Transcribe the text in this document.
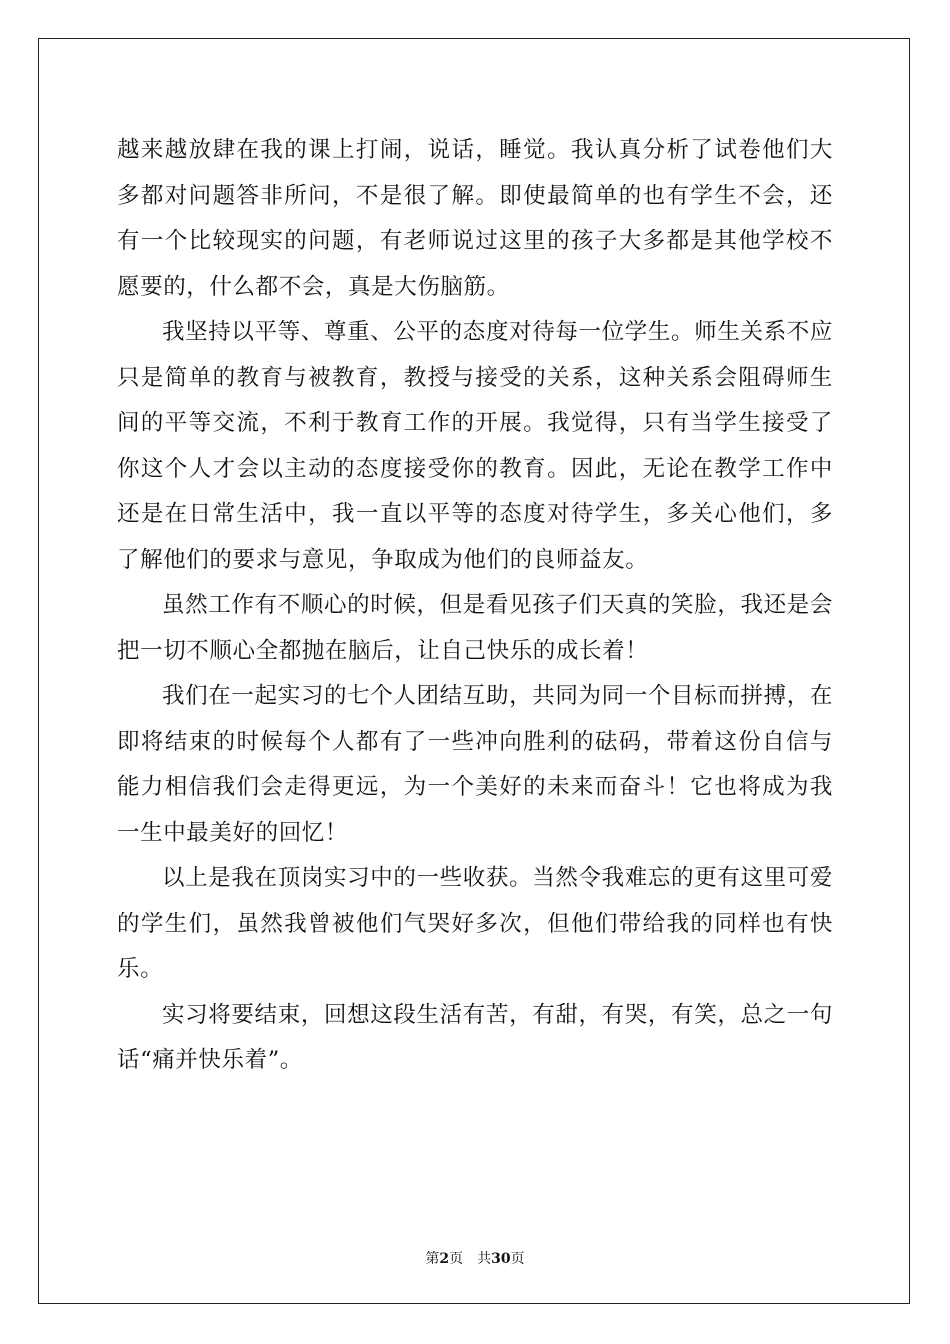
越来越放肆在我的课上打闹，说话，睡觉。我认真分析了试卷他们大多都对问题答非所问，不是很了解。即使最简单的也有学生不会，还有一个比较现实的问题，有老师说过这里的孩子大多都是其他学校不愿要的，什么都不会，真是大伤脑筋。

我坚持以平等、尊重、公平的态度对待每一位学生。师生关系不应只是简单的教育与被教育，教授与接受的关系，这种关系会阻碍师生间的平等交流，不利于教育工作的开展。我觉得，只有当学生接受了你这个人才会以主动的态度接受你的教育。因此，无论在教学工作中还是在日常生活中，我一直以平等的态度对待学生，多关心他们，多了解他们的要求与意见，争取成为他们的良师益友。

虽然工作有不顺心的时候，但是看见孩子们天真的笑脸，我还是会把一切不顺心全都抛在脑后，让自己快乐的成长着！

我们在一起实习的七个人团结互助，共同为同一个目标而拼搏，在即将结束的时候每个人都有了一些冲向胜利的砝码，带着这份自信与能力相信我们会走得更远，为一个美好的未来而奋斗！它也将成为我一生中最美好的回忆！

以上是我在顶岗实习中的一些收获。当然令我难忘的更有这里可爱的学生们，虽然我曾被他们气哭好多次，但他们带给我的同样也有快乐。

实习将要结束，回想这段生活有苦，有甜，有哭，有笑，总之一句话“痛并快乐着”。

第2页 共30页
